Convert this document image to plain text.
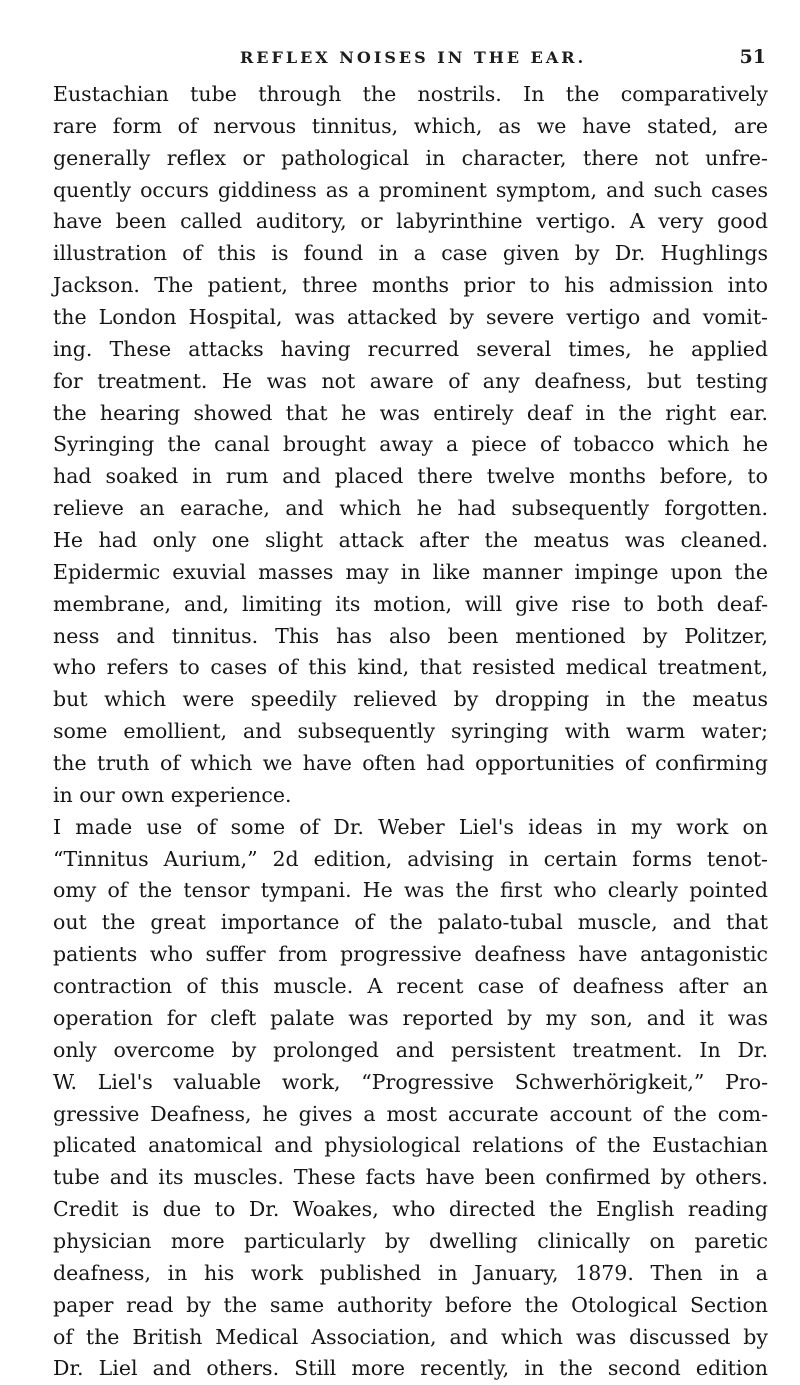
REFLEX NOISES IN THE EAR.	51
Eustachian tube through the nostrils. In the comparatively
rare form of nervous tinnitus, which, as we have stated, are
generally reflex or pathological in character, there not unfre-
quently occurs giddiness as a prominent symptom, and such cases
have been called auditory, or labyrinthine vertigo. A very good
illustration of this is found in a case given by Dr. Hughlings
Jackson. The patient, three months prior to his admission into
the London Hospital, was attacked by severe vertigo and vomit-
ing. These attacks having recurred several times, he applied
for treatment. He was not aware of any deafness, but testing
the hearing showed that he was entirely deaf in the right ear.
Syringing the canal brought away a piece of tobacco which he
had soaked in rum and placed there twelve months before, to
relieve an earache, and which he had subsequently forgotten.
He had only one slight attack after the meatus was cleaned.
Epidermic exuvial masses may in like manner impinge upon the
membrane, and, limiting its motion, will give rise to both deaf-
ness and tinnitus. This has also been mentioned by Politzer,
who refers to cases of this kind, that resisted medical treatment,
but which were speedily relieved by dropping in the meatus
some emollient, and subsequently syringing with warm water;
the truth of which we have often had opportunities of confirming
in our own experience.
I made use of some of Dr. Weber Liel's ideas in my work on
“Tinnitus Aurium,” 2d edition, advising in certain forms tenot-
omy of the tensor tympani. He was the first who clearly pointed
out the great importance of the palato-tubal muscle, and that
patients who suffer from progressive deafness have antagonistic
contraction of this muscle. A recent case of deafness after an
operation for cleft palate was reported by my son, and it was
only overcome by prolonged and persistent treatment. In Dr.
W. Liel's valuable work, “Progressive Schwerhörigkeit,” Pro-
gressive Deafness, he gives a most accurate account of the com-
plicated anatomical and physiological relations of the Eustachian
tube and its muscles. These facts have been confirmed by others.
Credit is due to Dr. Woakes, who directed the English reading
physician more particularly by dwelling clinically on paretic
deafness, in his work published in January, 1879. Then in a
paper read by the same authority before the Otological Section
of the British Medical Association, and which was discussed by
Dr. Liel and others. Still more recently, in the second edition
